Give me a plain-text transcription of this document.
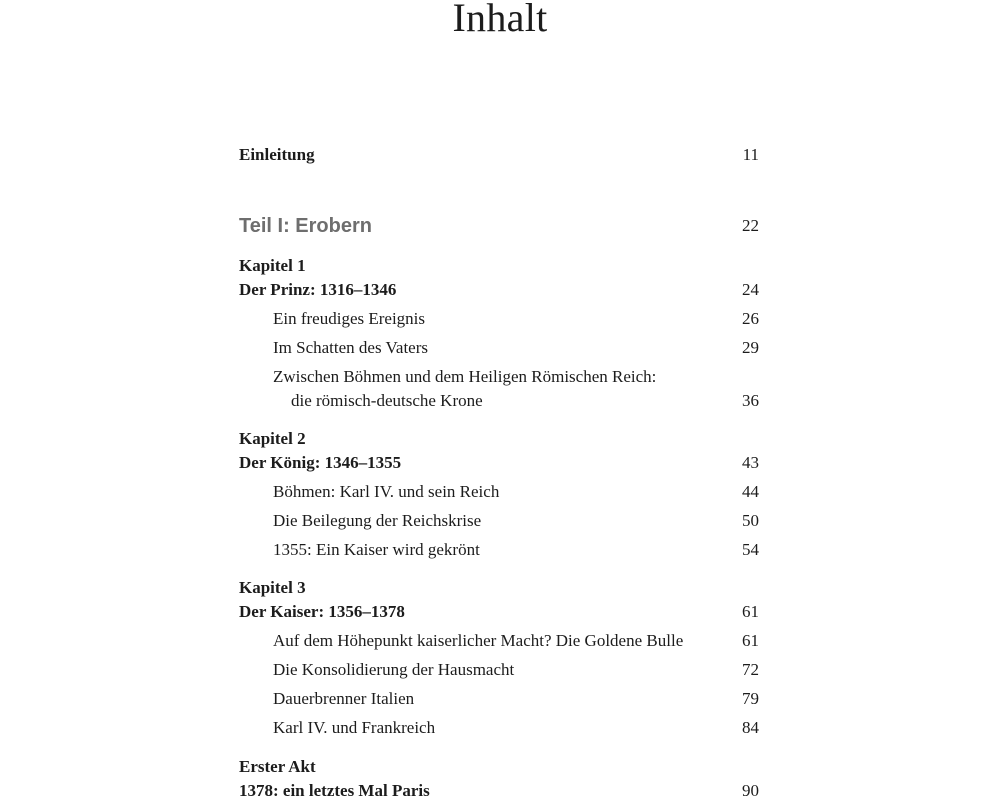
Inhalt
Einleitung	11
Teil I: Erobern	22
Kapitel 1
Der Prinz: 1316–1346	24
Ein freudiges Ereignis	26
Im Schatten des Vaters	29
Zwischen Böhmen und dem Heiligen Römischen Reich:
die römisch-deutsche Krone	36
Kapitel 2
Der König: 1346–1355	43
Böhmen: Karl IV. und sein Reich	44
Die Beilegung der Reichskrise	50
1355: Ein Kaiser wird gekrönt	54
Kapitel 3
Der Kaiser: 1356–1378	61
Auf dem Höhepunkt kaiserlicher Macht? Die Goldene Bulle	61
Die Konsolidierung der Hausmacht	72
Dauerbrenner Italien	79
Karl IV. und Frankreich	84
Erster Akt
1378: ein letztes Mal Paris	90
